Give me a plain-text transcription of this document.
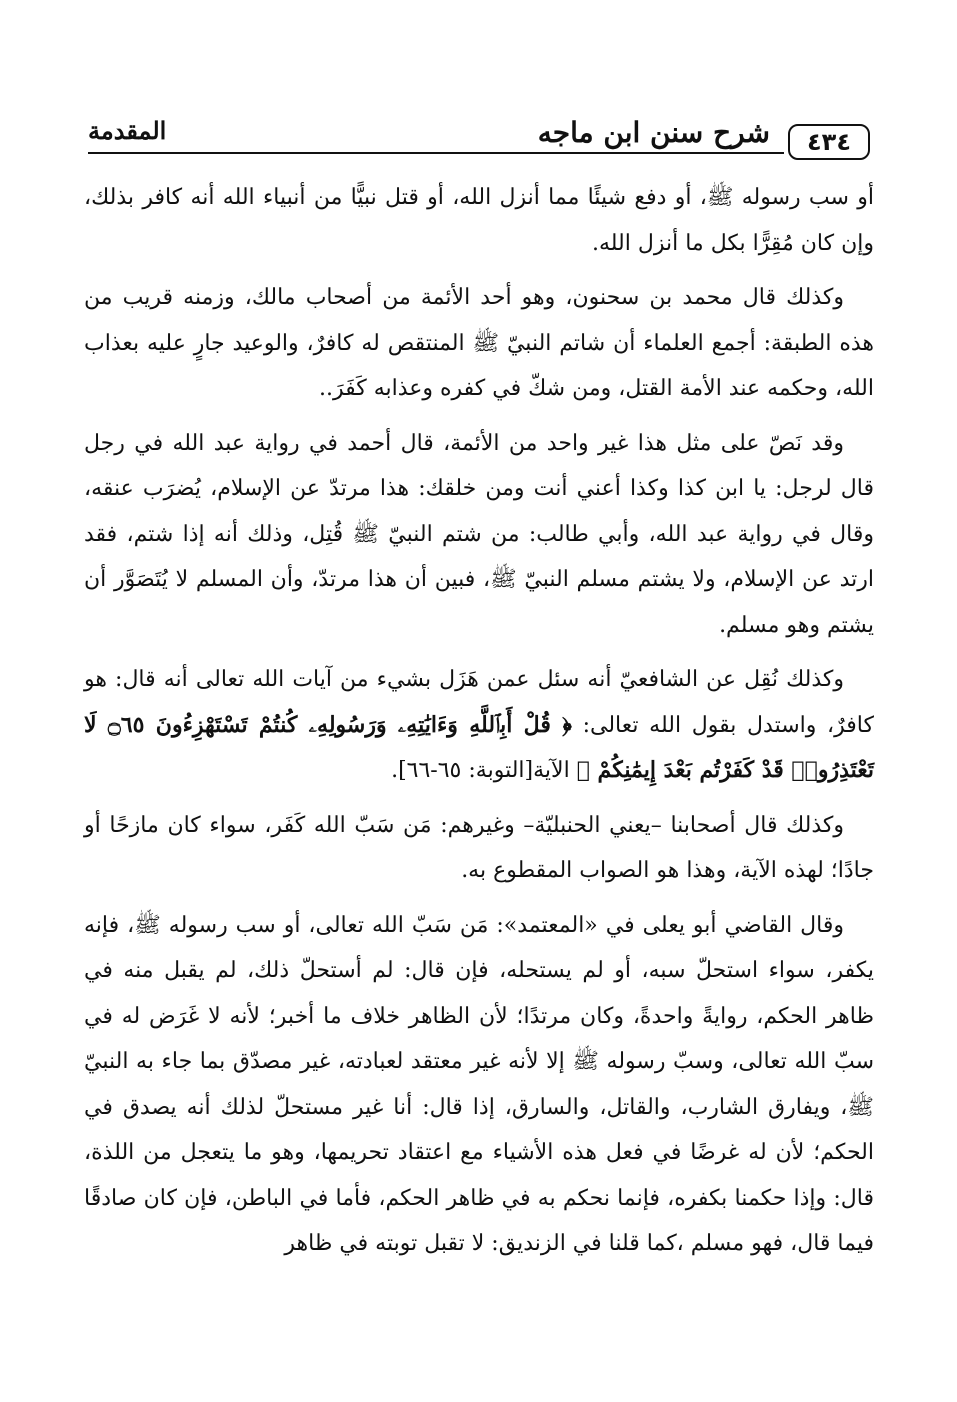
٤٣٤
شرح سنن ابن ماجه
المقدمة

أو سب رسوله ﷺ، أو دفع شيئًا مما أنزل الله، أو قتل نبيًّا من أنبياء الله أنه كافر بذلك، وإن كان مُقِرًّا بكل ما أنزل الله.

وكذلك قال محمد بن سحنون، وهو أحد الأئمة من أصحاب مالك، وزمنه قريب من هذه الطبقة: أجمع العلماء أن شاتم النبيّ ﷺ المنتقص له كافرٌ، والوعيد جارٍ عليه بعذاب الله، وحكمه عند الأمة القتل، ومن شكّ في كفره وعذابه كَفَرَ..

وقد نَصّ على مثل هذا غير واحد من الأئمة، قال أحمد في رواية عبد الله في رجل قال لرجل: يا ابن كذا وكذا أعني أنت ومن خلقك: هذا مرتدّ عن الإسلام، يُضرَب عنقه، وقال في رواية عبد الله، وأبي طالب: من شتم النبيّ ﷺ قُتِل، وذلك أنه إذا شتم، فقد ارتد عن الإسلام، ولا يشتم مسلم النبيّ ﷺ، فبين أن هذا مرتدّ، وأن المسلم لا يُتَصَوَّر أن يشتم وهو مسلم.

وكذلك نُقِل عن الشافعيّ أنه سئل عمن هَزَل بشيء من آيات الله تعالى أنه قال: هو كافرٌ، واستدل بقول الله تعالى: ﴿ قُلْ أَبِٱللَّهِ وَءَايَٰتِهِۦ وَرَسُولِهِۦ كُنتُمْ تَسْتَهْزِءُونَ ۝٦٥ لَا تَعْتَذِرُوا۟ قَدْ كَفَرْتُم بَعْدَ إِيمَٰنِكُمْ ﴾ الآية[التوبة: ٦٥-٦٦].

وكذلك قال أصحابنا –يعني الحنبليّة– وغيرهم: مَن سَبّ الله كَفَر، سواء كان مازحًا أو جادًا؛ لهذه الآية، وهذا هو الصواب المقطوع به.

وقال القاضي أبو يعلى في «المعتمد»: مَن سَبّ الله تعالى، أو سب رسوله ﷺ، فإنه يكفر، سواء استحلّ سبه، أو لم يستحله، فإن قال: لم أستحلّ ذلك، لم يقبل منه في ظاهر الحكم، روايةً واحدةً، وكان مرتدًا؛ لأن الظاهر خلاف ما أخبر؛ لأنه لا غَرَض له في سبّ الله تعالى، وسبّ رسوله ﷺ إلا لأنه غير معتقد لعبادته، غير مصدّق بما جاء به النبيّ ﷺ، ويفارق الشارب، والقاتل، والسارق، إذا قال: أنا غير مستحلّ لذلك أنه يصدق في الحكم؛ لأن له غرضًا في فعل هذه الأشياء مع اعتقاد تحريمها، وهو ما يتعجل من اللذة، قال: وإذا حكمنا بكفره، فإنما نحكم به في ظاهر الحكم، فأما في الباطن، فإن كان صادقًا فيما قال، فهو مسلم ،كما قلنا في الزنديق: لا تقبل توبته في ظاهر
